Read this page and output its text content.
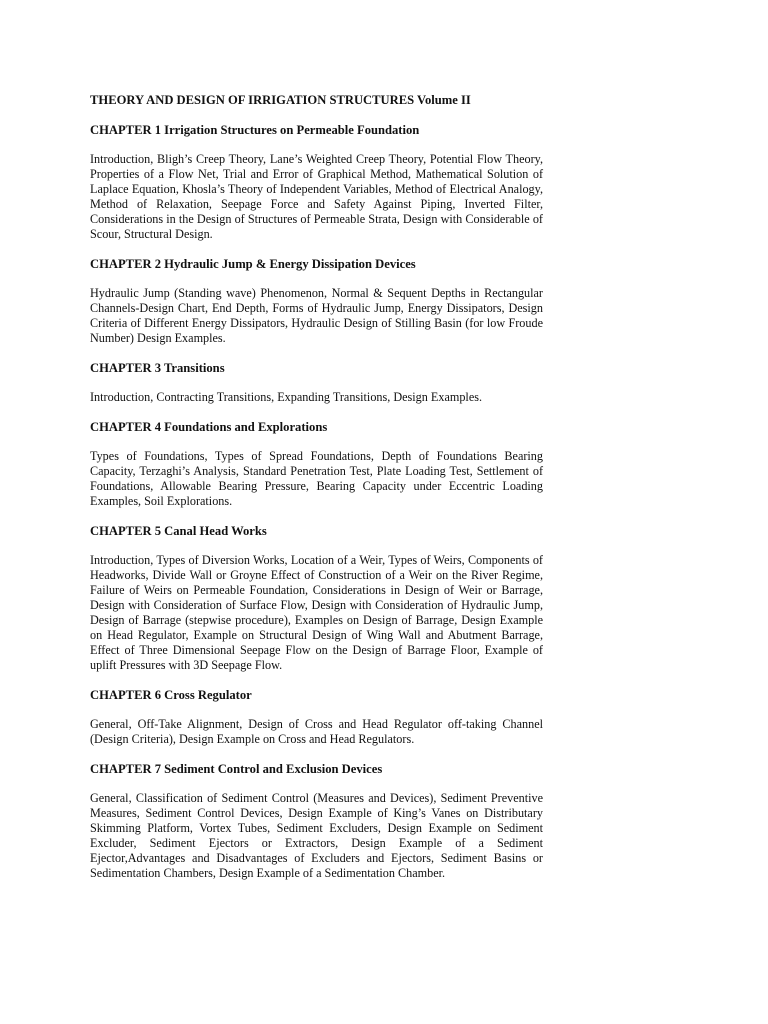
THEORY AND DESIGN OF IRRIGATION STRUCTURES Volume II
CHAPTER 1 Irrigation Structures on Permeable Foundation
Introduction, Bligh’s Creep Theory, Lane’s Weighted Creep Theory, Potential Flow Theory, Properties of a Flow Net, Trial and Error of Graphical Method, Mathematical Solution of Laplace Equation, Khosla’s Theory of Independent Variables, Method of Electrical Analogy, Method of Relaxation, Seepage Force and Safety Against Piping, Inverted Filter, Considerations in the Design of Structures of Permeable Strata, Design with Considerable of Scour, Structural Design.
CHAPTER 2 Hydraulic Jump & Energy Dissipation Devices
Hydraulic Jump (Standing wave) Phenomenon, Normal & Sequent Depths in Rectangular Channels-Design Chart, End Depth, Forms of Hydraulic Jump, Energy Dissipators, Design Criteria of Different Energy Dissipators, Hydraulic Design of Stilling Basin (for low Froude Number) Design Examples.
CHAPTER 3 Transitions
Introduction, Contracting Transitions, Expanding Transitions, Design Examples.
CHAPTER 4 Foundations and Explorations
Types of Foundations, Types of Spread Foundations, Depth of Foundations Bearing Capacity, Terzaghi’s Analysis, Standard Penetration Test, Plate Loading Test, Settlement of Foundations, Allowable Bearing Pressure, Bearing Capacity under Eccentric Loading Examples, Soil Explorations.
CHAPTER 5 Canal Head Works
Introduction, Types of Diversion Works, Location of a Weir, Types of Weirs, Components of Headworks, Divide Wall or Groyne Effect of Construction of a Weir on the River Regime, Failure of Weirs on Permeable Foundation, Considerations in Design of Weir or Barrage, Design with Consideration of Surface Flow, Design with Consideration of Hydraulic Jump, Design of Barrage (stepwise procedure), Examples on Design of Barrage, Design Example on Head Regulator, Example on Structural Design of Wing Wall and Abutment Barrage, Effect of Three Dimensional Seepage Flow on the Design of Barrage Floor, Example of uplift Pressures with 3D Seepage Flow.
CHAPTER 6 Cross Regulator
General, Off-Take Alignment, Design of Cross and Head Regulator off-taking Channel (Design Criteria), Design Example on Cross and Head Regulators.
CHAPTER 7 Sediment Control and Exclusion Devices
General, Classification of Sediment Control (Measures and Devices), Sediment Preventive Measures, Sediment Control Devices, Design Example of King’s Vanes on Distributary Skimming Platform, Vortex Tubes, Sediment Excluders, Design Example on Sediment Excluder, Sediment Ejectors or Extractors, Design Example of a Sediment Ejector,Advantages and Disadvantages of Excluders and Ejectors, Sediment Basins or Sedimentation Chambers, Design Example of a Sedimentation Chamber.
